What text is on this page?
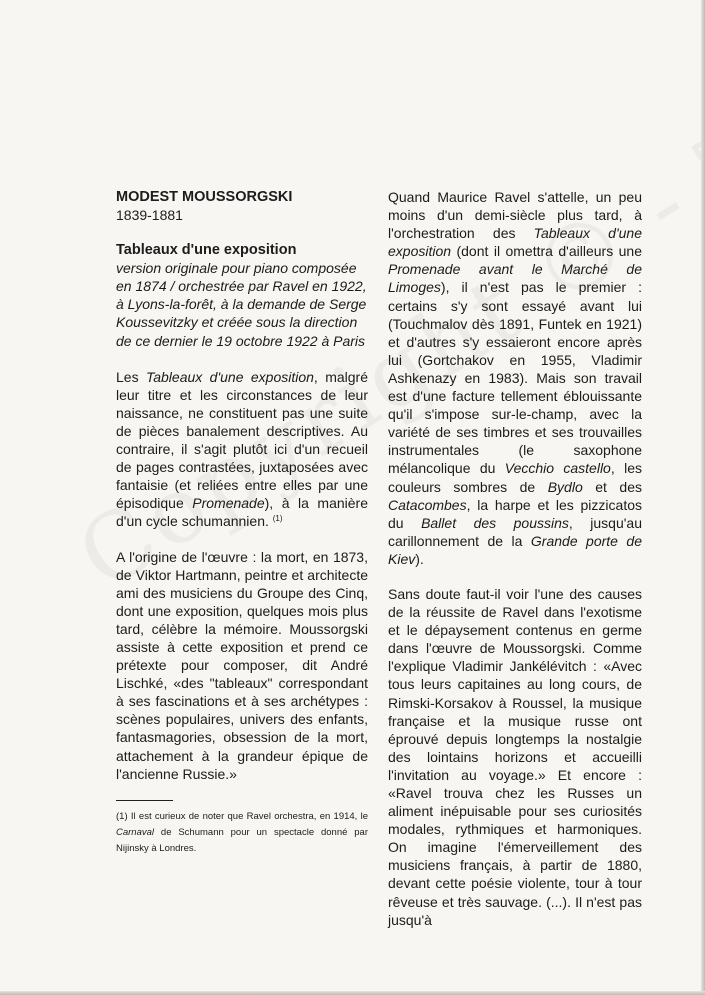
MODEST MOUSSORGSKI

1839-1881

Tableaux d'une exposition

version originale pour piano composée en 1874 / orchestrée par Ravel en 1922, à Lyons-la-forêt, à la demande de Serge Koussevitzky et créée sous la direction de ce dernier le 19 octobre 1922 à Paris

Les Tableaux d'une exposition, malgré leur titre et les circonstances de leur naissance, ne constituent pas une suite de pièces banalement descriptives. Au contraire, il s'agit plutôt ici d'un recueil de pages contrastées, juxtaposées avec fantaisie (et reliées entre elles par une épisodique Promenade), à la manière d'un cycle schumannien. $^{(1)}$

A l'origine de l'œuvre : la mort, en 1873, de Viktor Hartmann, peintre et architecte ami des musiciens du Groupe des Cinq, dont une exposition, quelques mois plus tard, célèbre la mémoire. Moussorgski assiste à cette exposition et prend ce prétexte pour composer, dit André Lischké, «des "tableaux" correspondant à ses fascinations et à ses archétypes : scènes populaires, univers des enfants, fantasmagories, obsession de la mort, attachement à la grandeur épique de l'ancienne Russie.»

(1) Il est curieux de noter que Ravel orchestra, en 1914, le Carnaval de Schumann pour un spectacle donné par Nijinsky à Londres.

Quand Maurice Ravel s'attelle, un peu moins d'un demi-siècle plus tard, à l'orchestration des Tableaux d'une exposition (dont il omettra d'ailleurs une Promenade avant le Marché de Limoges), il n'est pas le premier : certains s'y sont essayé avant lui (Touchmalov dès 1891, Funtek en 1921) et d'autres s'y essaieront encore après lui (Gortchakov en 1955, Vladimir Ashkenazy en 1983). Mais son travail est d'une facture tellement éblouissante qu'il s'impose sur-le-champ, avec la variété de ses timbres et ses trouvailles instrumentales (le saxophone mélancolique du Vecchio castello, les couleurs sombres de Bydlo et des Catacombes, la harpe et les pizzicatos du Ballet des poussins, jusqu'au carillonnement de la Grande porte de Kiev).

Sans doute faut-il voir l'une des causes de la réussite de Ravel dans l'exotisme et le dépaysement contenus en germe dans l'œuvre de Moussorgski. Comme l'explique Vladimir Jankélévitch : «Avec tous leurs capitaines au long cours, de Rimski-Korsakov à Roussel, la musique française et la musique russe ont éprouvé depuis longtemps la nostalgie des lointains horizons et accueilli l'invitation au voyage.» Et encore : «Ravel trouva chez les Russes un aliment inépuisable pour ses curiosités modales, rythmiques et harmoniques. On imagine l'émerveillement des musiciens français, à partir de 1880, devant cette poésie violente, tour à tour rêveuse et très sauvage. (...). Il n'est pas jusqu'à
